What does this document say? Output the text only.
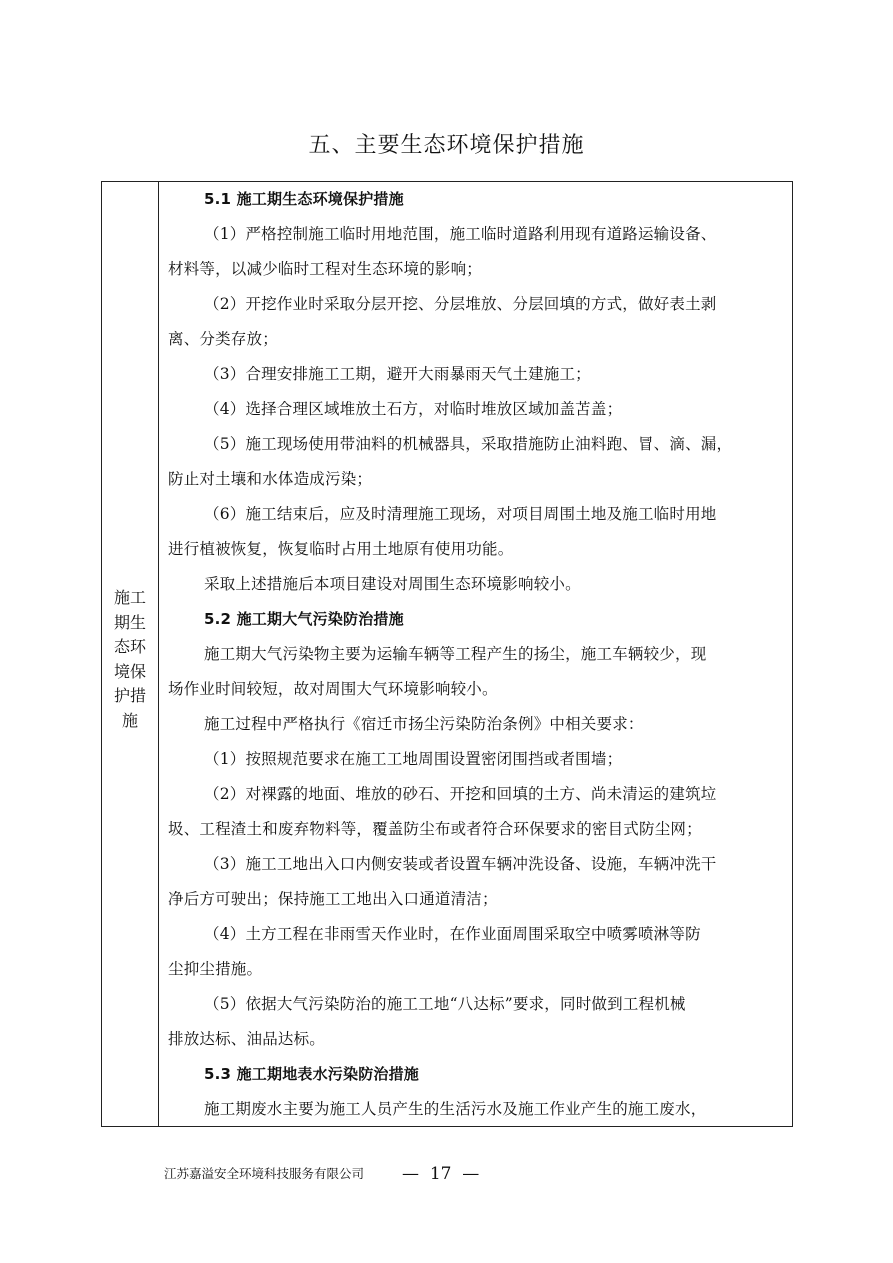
五、主要生态环境保护措施
施工期生态环境保护措施
5.1 施工期生态环境保护措施
（1）严格控制施工临时用地范围，施工临时道路利用现有道路运输设备、
材料等，以减少临时工程对生态环境的影响；
（2）开挖作业时采取分层开挖、分层堆放、分层回填的方式，做好表土剥
离、分类存放；
（3）合理安排施工工期，避开大雨暴雨天气土建施工；
（4）选择合理区域堆放土石方，对临时堆放区域加盖苫盖；
（5）施工现场使用带油料的机械器具，采取措施防止油料跑、冒、滴、漏，
防止对土壤和水体造成污染；
（6）施工结束后，应及时清理施工现场，对项目周围土地及施工临时用地
进行植被恢复，恢复临时占用土地原有使用功能。
采取上述措施后本项目建设对周围生态环境影响较小。
5.2 施工期大气污染防治措施
施工期大气污染物主要为运输车辆等工程产生的扬尘，施工车辆较少，现
场作业时间较短，故对周围大气环境影响较小。
施工过程中严格执行《宿迁市扬尘污染防治条例》中相关要求：
（1）按照规范要求在施工工地周围设置密闭围挡或者围墙；
（2）对裸露的地面、堆放的砂石、开挖和回填的土方、尚未清运的建筑垃
圾、工程渣土和废弃物料等，覆盖防尘布或者符合环保要求的密目式防尘网；
（3）施工工地出入口内侧安装或者设置车辆冲洗设备、设施，车辆冲洗干
净后方可驶出；保持施工工地出入口通道清洁；
（4）土方工程在非雨雪天作业时，在作业面周围采取空中喷雾喷淋等防
尘抑尘措施。
（5）依据大气污染防治的施工工地“八达标”要求，同时做到工程机械
排放达标、油品达标。
5.3 施工期地表水污染防治措施
施工期废水主要为施工人员产生的生活污水及施工作业产生的施工废水，
江苏嘉溢安全环境科技服务有限公司 —  17  —
